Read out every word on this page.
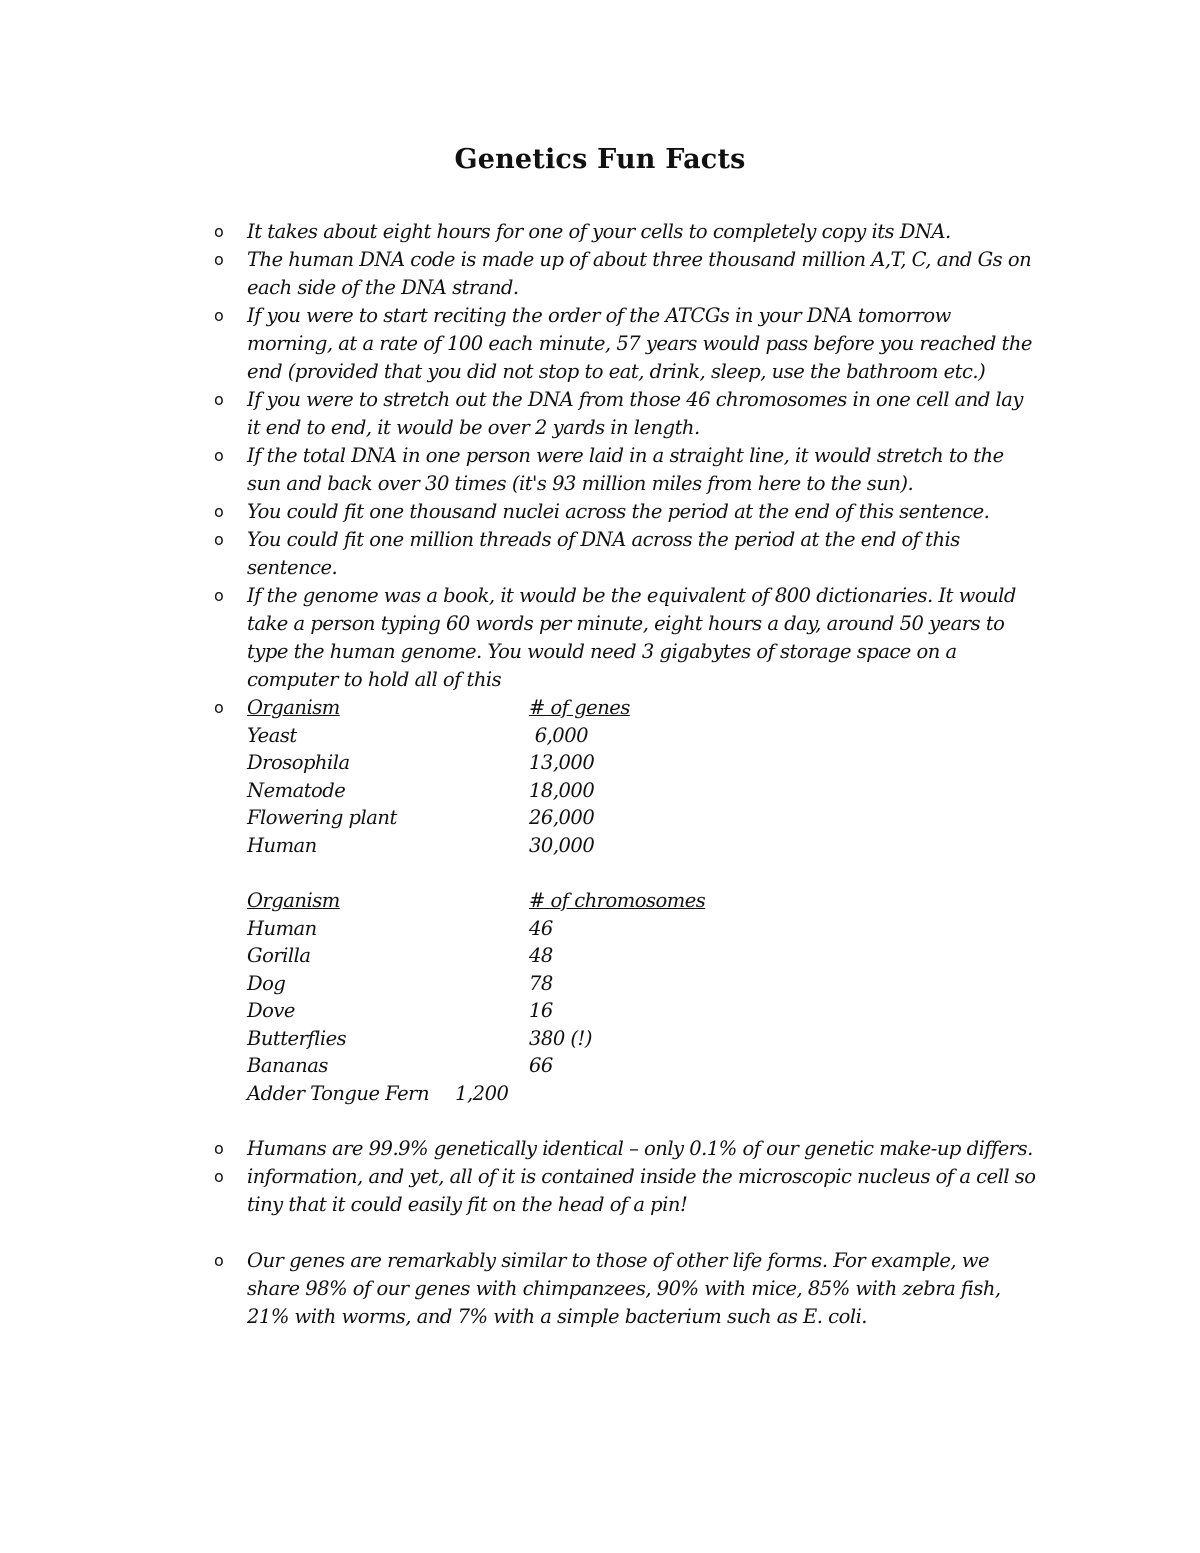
Genetics Fun Facts
o It takes about eight hours for one of your cells to completely copy its DNA.
o The human DNA code is made up of about three thousand million A,T, C, and Gs on each side of the DNA strand.
o If you were to start reciting the order of the ATCGs in your DNA tomorrow morning, at a rate of 100 each minute, 57 years would pass before you reached the end (provided that you did not stop to eat, drink, sleep, use the bathroom etc.)
o If you were to stretch out the DNA from those 46 chromosomes in one cell and lay it end to end, it would be over 2 yards in length.
o If the total DNA in one person were laid in a straight line, it would stretch to the sun and back over 30 times (it's 93 million miles from here to the sun).
o You could fit one thousand nuclei across the period at the end of this sentence.
o You could fit one million threads of DNA across the period at the end of this sentence.
o If the genome was a book, it would be the equivalent of 800 dictionaries. It would take a person typing 60 words per minute, eight hours a day, around 50 years to type the human genome. You would need 3 gigabytes of storage space on a computer to hold all of this
o Organism	# of genes
Yeast	6,000
Drosophila	13,000
Nematode	18,000
Flowering plant	26,000
Human	30,000
Organism	# of chromosomes
Human	46
Gorilla	48
Dog	78
Dove	16
Butterflies	380 (!)
Bananas	66
Adder Tongue Fern 1,200
o Humans are 99.9% genetically identical – only 0.1% of our genetic make-up differs.
o information, and yet, all of it is contained inside the microscopic nucleus of a cell so tiny that it could easily fit on the head of a pin!
o Our genes are remarkably similar to those of other life forms. For example, we share 98% of our genes with chimpanzees, 90% with mice, 85% with zebra fish, 21% with worms, and 7% with a simple bacterium such as E. coli.
